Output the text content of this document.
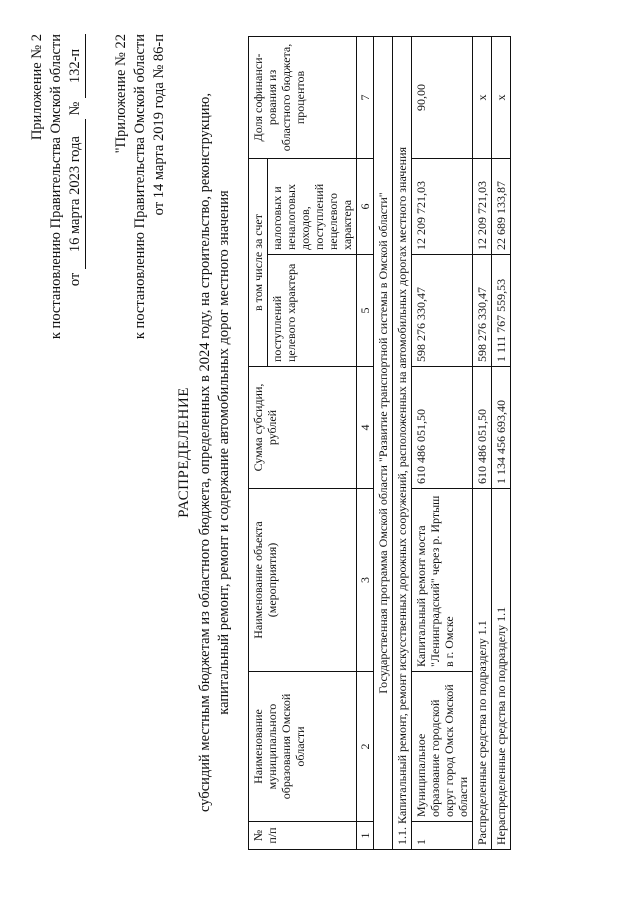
Приложение № 2 к постановлению Правительства Омской области от 16 марта 2023 года № 132-п "Приложение № 22 к постановлению Правительства Омской области от 14 марта 2019 года № 86-п
РАСПРЕДЕЛЕНИЕ субсидий местным бюджетам из областного бюджета, определенных в 2024 году, на строительство, реконструкцию, капитальный ремонт, ремонт и содержание автомобильных дорог местного значения
№ п/п	Наименование муниципального образования Омской области	Наименование объекта (мероприятия)	Сумма субсидии, рублей	в том числе за счет		Доля софинанси-рования из областного бюджета, процентов
				поступлений целевого характера	налоговых и неналоговых доходов, поступлений нецелевого характера	
1	2	3	4	5	6	7
Государственная программа Омской области "Развитие транспортной системы в Омской области"						
1.1. Капитальный ремонт, ремонт искусственных дорожных сооружений, расположенных на автомобильных дорогах местного значения						
1	Муниципальное образование городской округ город Омск Омской области	Капитальный ремонт моста "Ленинградский" через р. Иртыш в г. Омске	610 486 051,50	598 276 330,47	12 209 721,03	90,00
Распределенные средства по подразделу 1.1			610 486 051,50	598 276 330,47	12 209 721,03	х
Нераспределенные средства по подразделу 1.1			1 134 456 693,40	1 111 767 559,53	22 689 133,87	х
